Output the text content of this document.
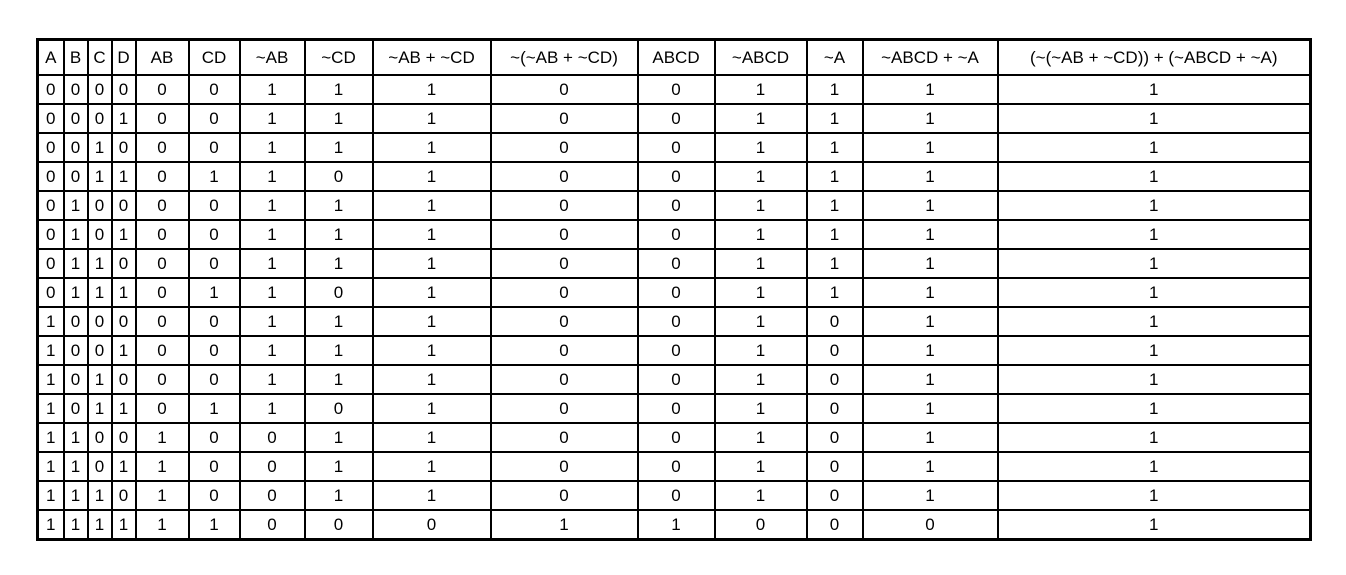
A	B	C	D	AB	CD	~AB	~CD	~AB + ~CD	~(~AB + ~CD)	ABCD	~ABCD	~A	~ABCD + ~A	(~(~AB + ~CD)) + (~ABCD + ~A)
0	0	0	0	0	0	1	1	1	0	0	1	1	1	1
0	0	0	1	0	0	1	1	1	0	0	1	1	1	1
0	0	1	0	0	0	1	1	1	0	0	1	1	1	1
0	0	1	1	0	1	1	0	1	0	0	1	1	1	1
0	1	0	0	0	0	1	1	1	0	0	1	1	1	1
0	1	0	1	0	0	1	1	1	0	0	1	1	1	1
0	1	1	0	0	0	1	1	1	0	0	1	1	1	1
0	1	1	1	0	1	1	0	1	0	0	1	1	1	1
1	0	0	0	0	0	1	1	1	0	0	1	0	1	1
1	0	0	1	0	0	1	1	1	0	0	1	0	1	1
1	0	1	0	0	0	1	1	1	0	0	1	0	1	1
1	0	1	1	0	1	1	0	1	0	0	1	0	1	1
1	1	0	0	1	0	0	1	1	0	0	1	0	1	1
1	1	0	1	1	0	0	1	1	0	0	1	0	1	1
1	1	1	0	1	0	0	1	1	0	0	1	0	1	1
1	1	1	1	1	1	0	0	0	1	1	0	0	0	1
